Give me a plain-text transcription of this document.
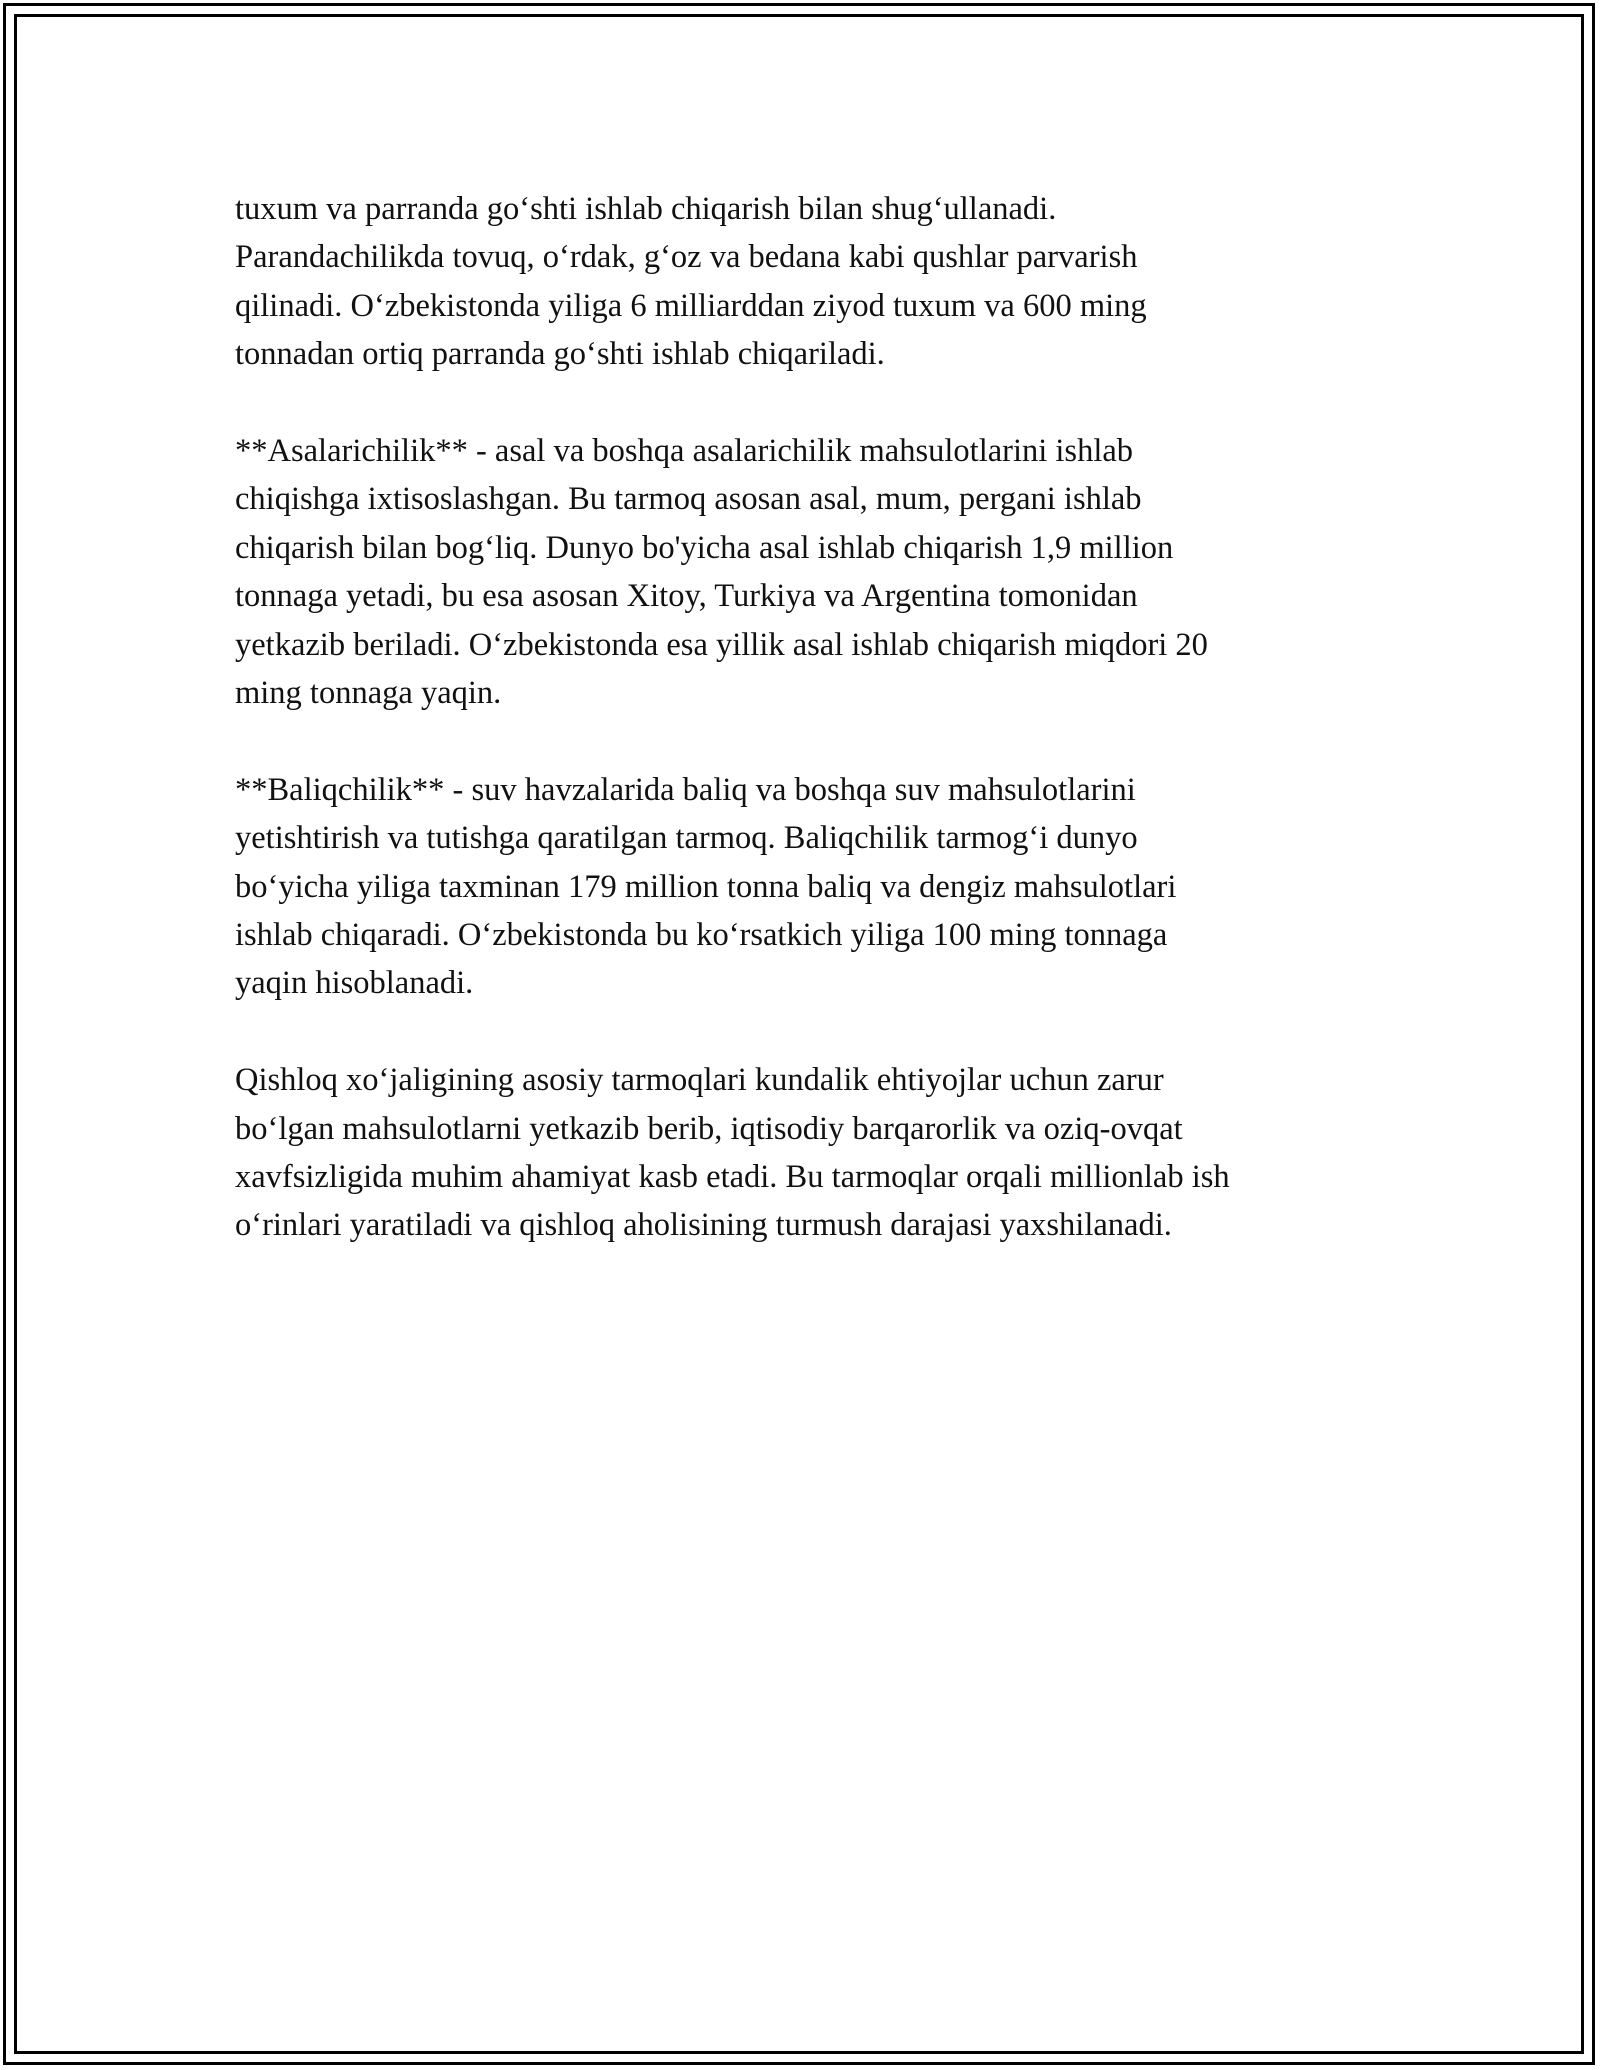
tuxum va parranda go‘shti ishlab chiqarish bilan shug‘ullanadi.
Parandachilikda tovuq, o‘rdak, g‘oz va bedana kabi qushlar parvarish
qilinadi. O‘zbekistonda yiliga 6 milliarddan ziyod tuxum va 600 ming
tonnadan ortiq parranda go‘shti ishlab chiqariladi.

**Asalarichilik** - asal va boshqa asalarichilik mahsulotlarini ishlab
chiqishga ixtisoslashgan. Bu tarmoq asosan asal, mum, pergani ishlab
chiqarish bilan bog‘liq. Dunyo bo'yicha asal ishlab chiqarish 1,9 million
tonnaga yetadi, bu esa asosan Xitoy, Turkiya va Argentina tomonidan
yetkazib beriladi. O‘zbekistonda esa yillik asal ishlab chiqarish miqdori 20
ming tonnaga yaqin.

**Baliqchilik** - suv havzalarida baliq va boshqa suv mahsulotlarini
yetishtirish va tutishga qaratilgan tarmoq. Baliqchilik tarmog‘i dunyo
bo‘yicha yiliga taxminan 179 million tonna baliq va dengiz mahsulotlari
ishlab chiqaradi. O‘zbekistonda bu ko‘rsatkich yiliga 100 ming tonnaga
yaqin hisoblanadi.

Qishloq xo‘jaligining asosiy tarmoqlari kundalik ehtiyojlar uchun zarur
bo‘lgan mahsulotlarni yetkazib berib, iqtisodiy barqarorlik va oziq-ovqat
xavfsizligida muhim ahamiyat kasb etadi. Bu tarmoqlar orqali millionlab ish
o‘rinlari yaratiladi va qishloq aholisining turmush darajasi yaxshilanadi.
